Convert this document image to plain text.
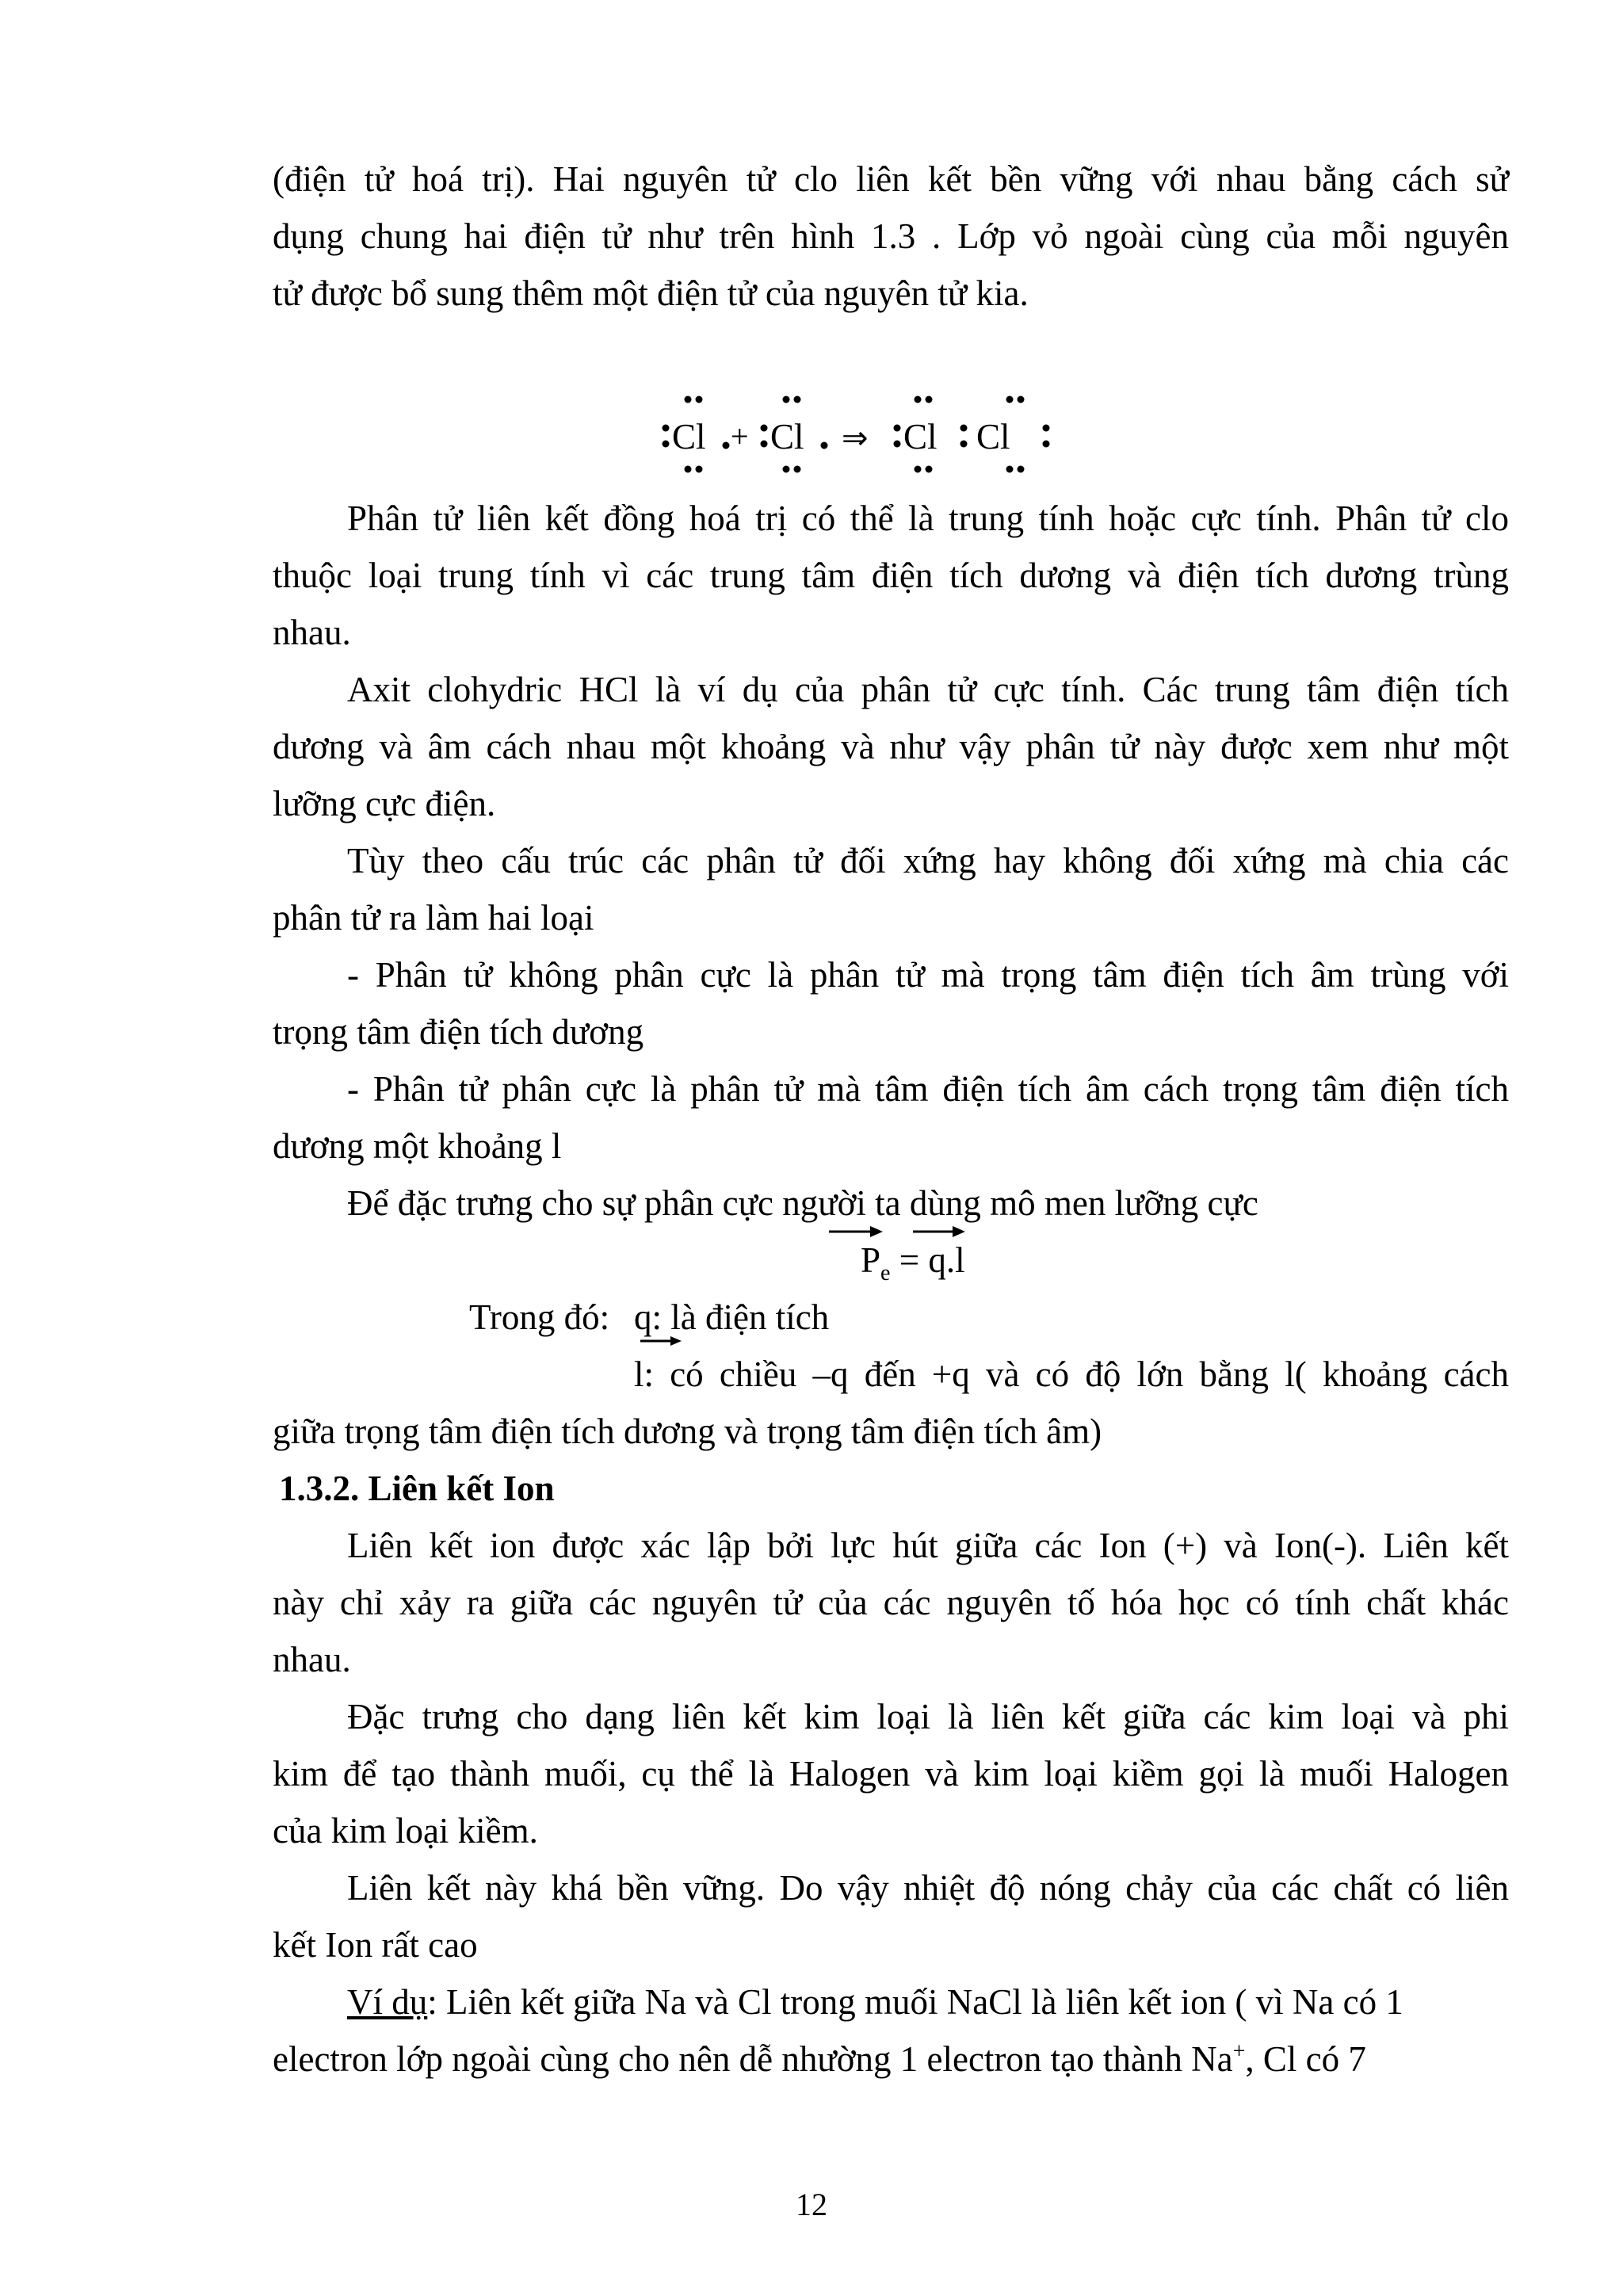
(điện tử hoá trị). Hai nguyên tử clo liên kết bền vững với nhau bằng cách sử
dụng chung hai điện tử như trên hình 1.3 . Lớp vỏ ngoài cùng của mỗi nguyên
tử được bổ sung thêm một điện tử của nguyên tử kia.
Cl + Cl ⇒ Cl Cl
Phân tử liên kết đồng hoá trị có thể là trung tính hoặc cực tính. Phân tử clo
thuộc loại trung tính vì các trung tâm điện tích dương và điện tích dương trùng
nhau.
Axit clohydric HCl là ví dụ của phân tử cực tính. Các trung tâm điện tích
dương và âm cách nhau một khoảng và như vậy phân tử này được xem như một
lưỡng cực điện.
Tùy theo cấu trúc các phân tử đối xứng hay không đối xứng mà chia các
phân tử ra làm hai loại
- Phân tử không phân cực là phân tử mà trọng tâm điện tích âm trùng với
trọng tâm điện tích dương
- Phân tử phân cực là phân tử mà tâm điện tích âm cách trọng tâm điện tích
dương một khoảng l
Để đặc trưng cho sự phân cực người ta dùng mô men lưỡng cực
$P_e = q.l$
Trong đó: q: là điện tích
l: có chiều –q đến +q và có độ lớn bằng l( khoảng cách
giữa trọng tâm điện tích dương và trọng tâm điện tích âm)
1.3.2. Liên kết Ion
Liên kết ion được xác lập bởi lực hút giữa các Ion (+) và Ion(-). Liên kết
này chỉ xảy ra giữa các nguyên tử của các nguyên tố hóa học có tính chất khác
nhau.
Đặc trưng cho dạng liên kết kim loại là liên kết giữa các kim loại và phi
kim để tạo thành muối, cụ thể là Halogen và kim loại kiềm gọi là muối Halogen
của kim loại kiềm.
Liên kết này khá bền vững. Do vậy nhiệt độ nóng chảy của các chất có liên
kết Ion rất cao
Ví dụ: Liên kết giữa Na và Cl trong muối NaCl là liên kết ion ( vì Na có 1
electron lớp ngoài cùng cho nên dễ nhường 1 electron tạo thành Na+, Cl có 7
12
